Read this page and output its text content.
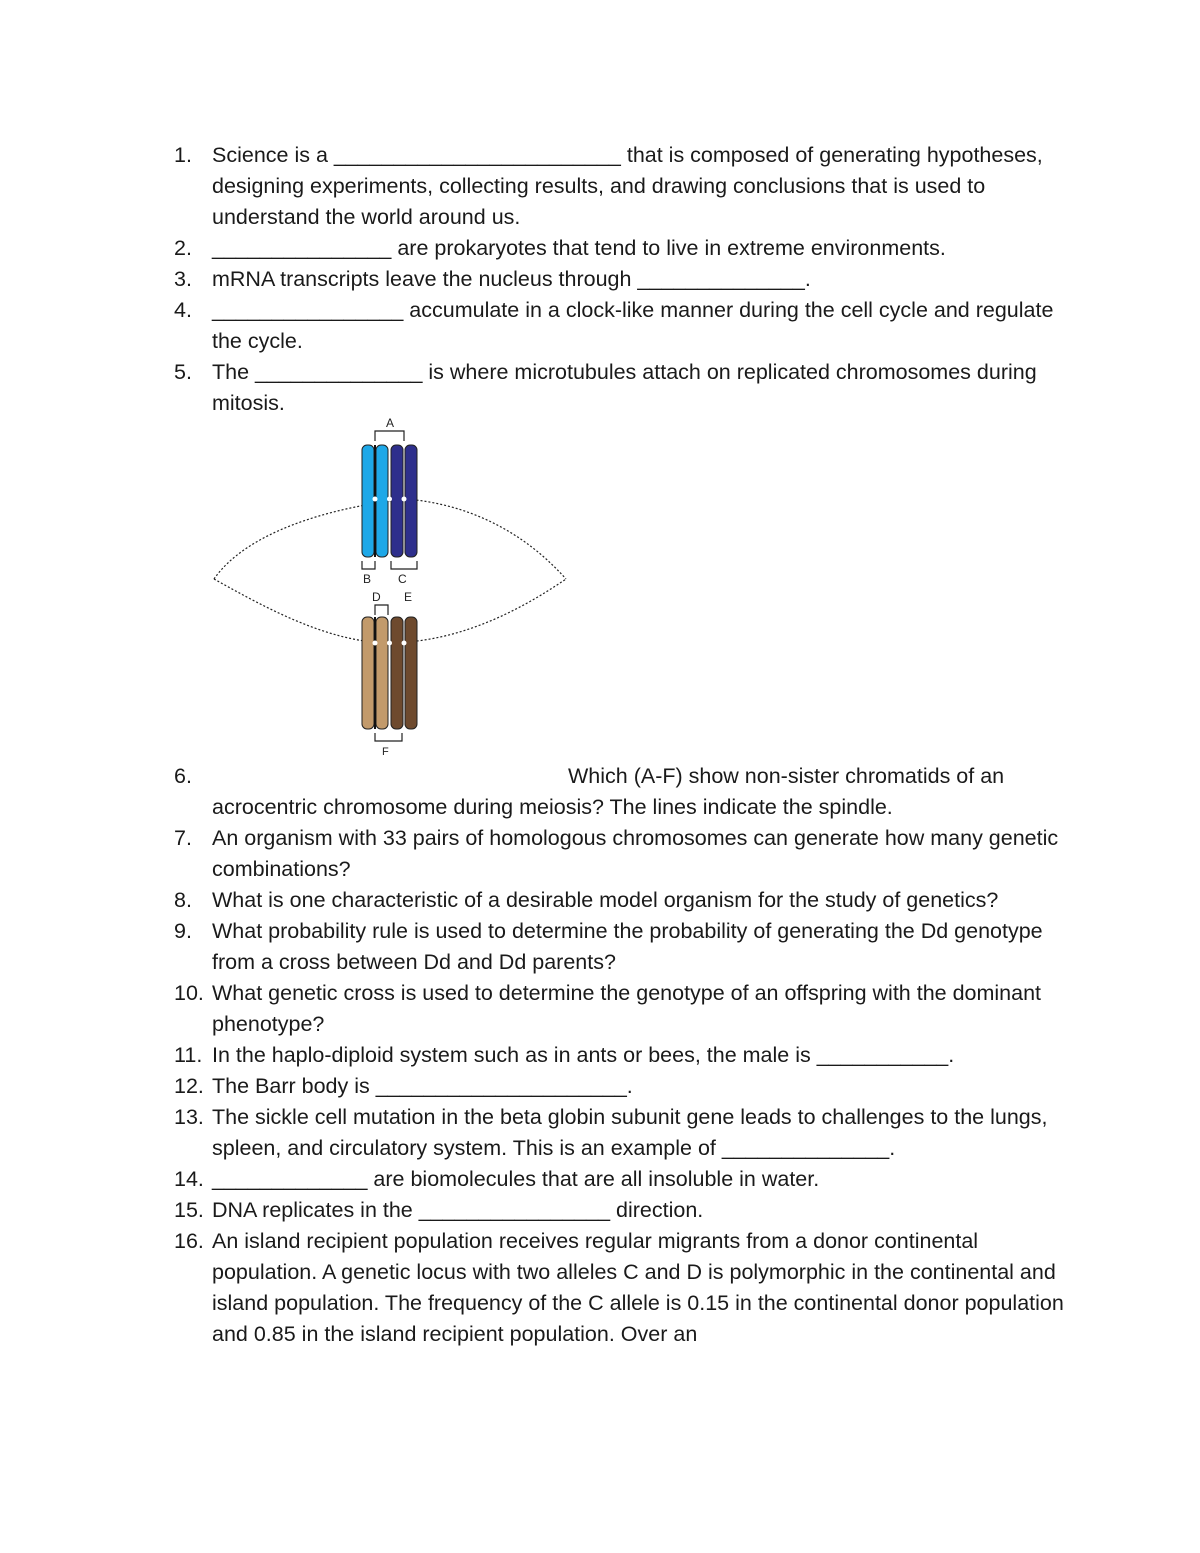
1. Science is a ________________________ that is composed of generating hypotheses, designing experiments, collecting results, and drawing conclusions that is used to understand the world around us.
2. _______________ are prokaryotes that tend to live in extreme environments.
3. mRNA transcripts leave the nucleus through ______________.
4. ________________ accumulate in a clock-like manner during the cell cycle and regulate the cycle.
5. The ______________ is where microtubules attach on replicated chromosomes during mitosis.
A
B C
D E
F
6.	Which (A-F) show non-sister chromatids of an acrocentric chromosome during meiosis? The lines indicate the spindle.
7. An organism with 33 pairs of homologous chromosomes can generate how many genetic combinations?
8. What is one characteristic of a desirable model organism for the study of genetics?
9. What probability rule is used to determine the probability of generating the Dd genotype from a cross between Dd and Dd parents?
10. What genetic cross is used to determine the genotype of an offspring with the dominant phenotype?
11. In the haplo-diploid system such as in ants or bees, the male is ___________.
12. The Barr body is _____________________.
13. The sickle cell mutation in the beta globin subunit gene leads to challenges to the lungs, spleen, and circulatory system. This is an example of ______________.
14. _____________ are biomolecules that are all insoluble in water.
15. DNA replicates in the ________________ direction.
16. An island recipient population receives regular migrants from a donor continental population. A genetic locus with two alleles C and D is polymorphic in the continental and island population. The frequency of the C allele is 0.15 in the continental donor population and 0.85 in the island recipient population. Over an
